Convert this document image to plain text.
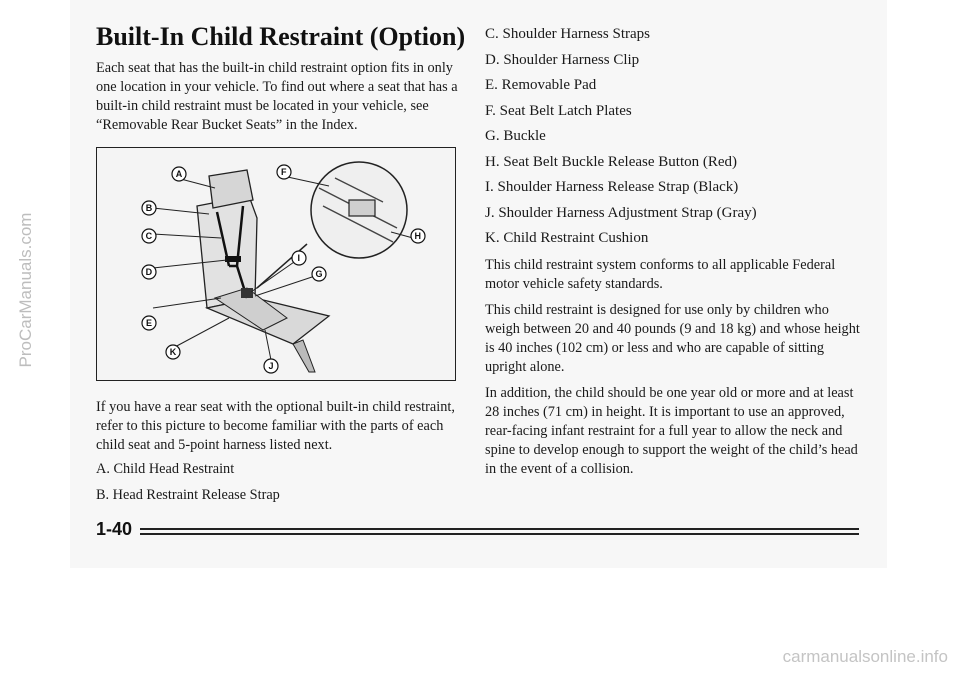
ProCarManuals.com
Built-In Child Restraint (Option)

Each seat that has the built-in child restraint option fits in only one location in your vehicle. To find out where a seat that has a built-in child restraint must be located in your vehicle, see “Removable Rear Bucket Seats” in the Index.

A
B
C
D
E
F
G
H
I
J
K

If you have a rear seat with the optional built-in child restraint, refer to this picture to become familiar with the parts of each child seat and 5-point harness listed next.

A. Child Head Restraint

B. Head Restraint Release Strap

C. Shoulder Harness Straps

D. Shoulder Harness Clip

E. Removable Pad

F. Seat Belt Latch Plates

G. Buckle

H. Seat Belt Buckle Release Button (Red)

I. Shoulder Harness Release Strap (Black)

J. Shoulder Harness Adjustment Strap (Gray)

K. Child Restraint Cushion

This child restraint system conforms to all applicable Federal motor vehicle safety standards.

This child restraint is designed for use only by children who weigh between 20 and 40 pounds (9 and 18 kg) and whose height is 40 inches (102 cm) or less and who are capable of sitting upright alone.

In addition, the child should be one year old or more and at least 28 inches (71 cm) in height. It is important to use an approved, rear-facing infant restraint for a full year to allow the neck and spine to develop enough to support the weight of the child’s head in the event of a collision.

1-40

carmanualsonline.info
